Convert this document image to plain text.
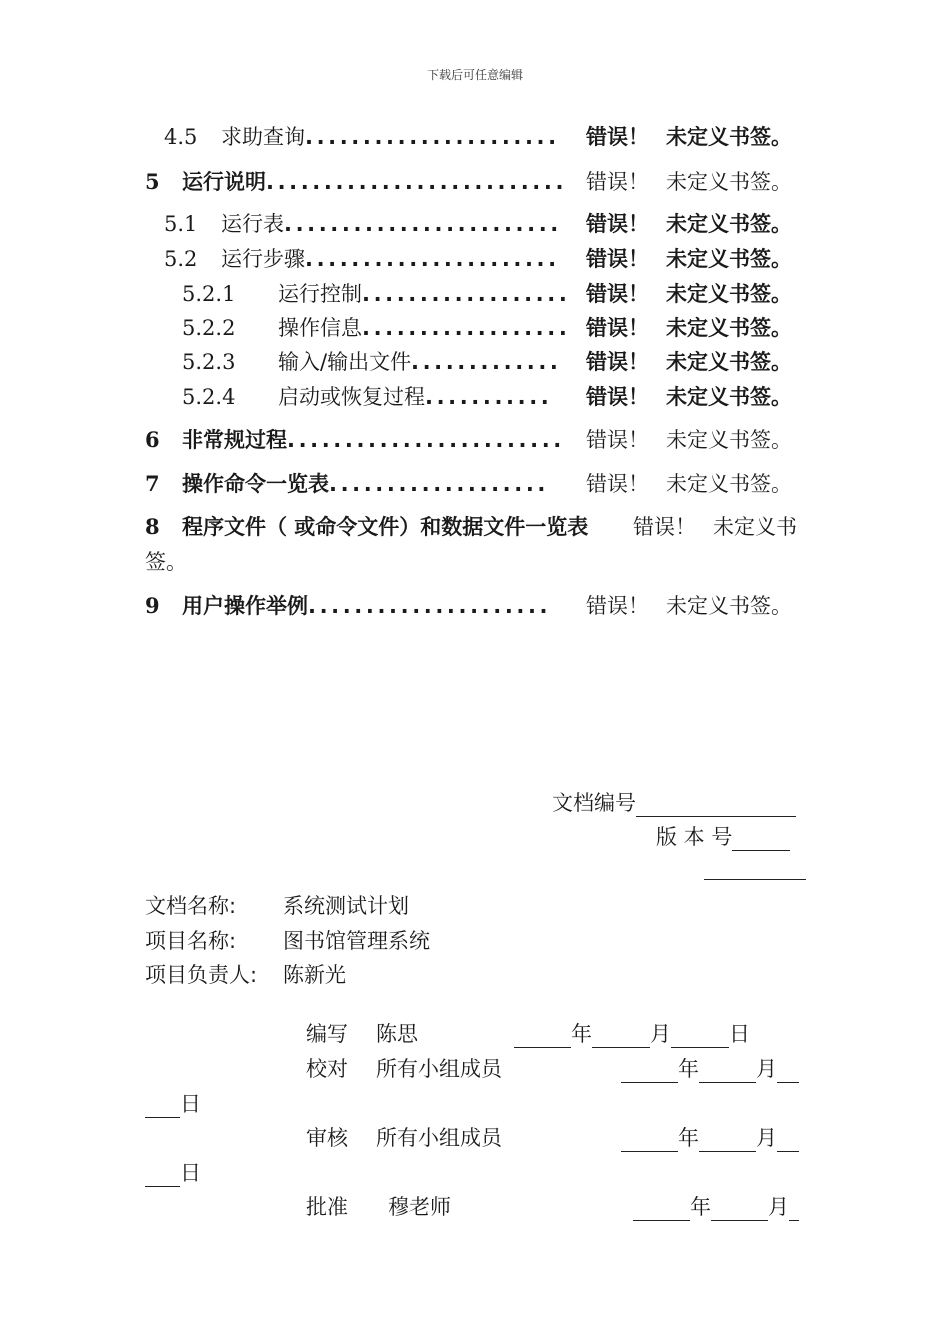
下载后可任意编辑
4.5 求助查询 ......................	错误！ 未定义书签。
5 运行说明 .......................... 错误！ 未定义书签。
5.1 运行表 ........................	错误！ 未定义书签。
5.2 运行步骤 ......................	错误！ 未定义书签。
5.2.1 运行控制 .................. 错误！ 未定义书签。
5.2.2 操作信息 .................. 错误！ 未定义书签。
5.2.3 输入/输出文件 .............	错误！ 未定义书签。
5.2.4 启动或恢复过程 ...........	错误！ 未定义书签。
6 非常规过程 ........................	错误！ 未定义书签。
7 操作命令一览表 ...................	错误！ 未定义书签。
8 程序文件（ 或命令文件）和数据文件一览表 错误！ 未定义书
签。
9 用户操作举例 .....................	错误！ 未定义书签。
文档编号
版 本 号
文档名称: 系统测试计划
项目名称: 图书馆管理系统
项目负责人: 陈新光
编写 陈思	年	月	日
校对 所有小组成员	年	月
日
审核 所有小组成员	年	月
日
批准 穆老师	年	月
